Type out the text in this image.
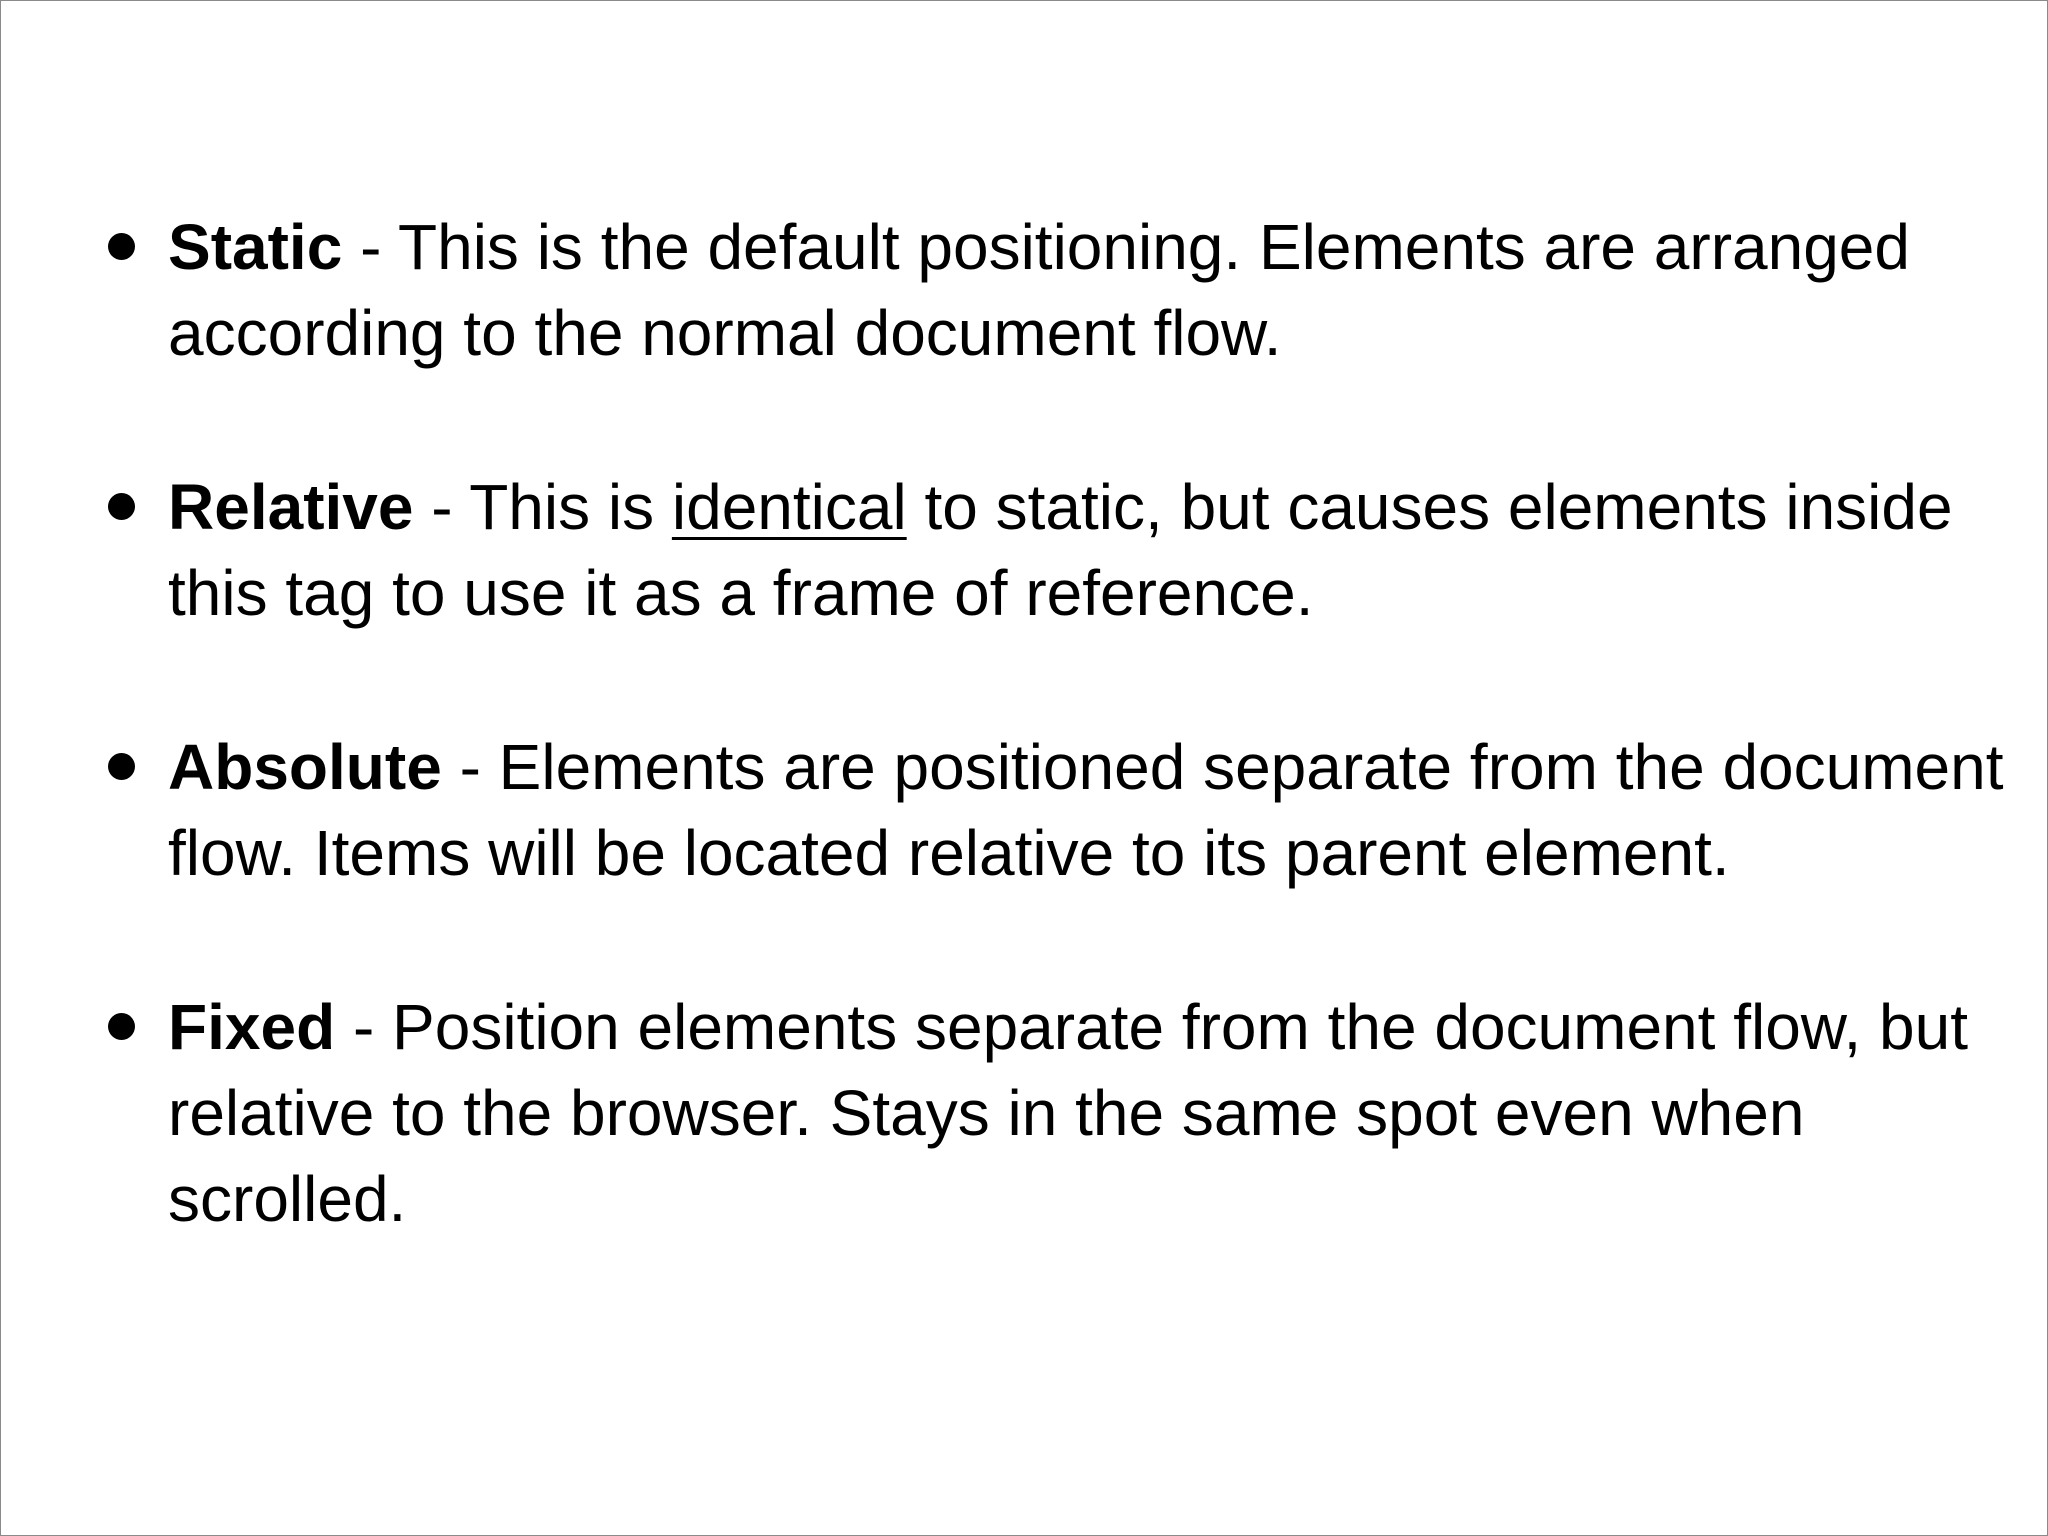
Static - This is the default positioning. Elements are arranged according to the normal document flow.
Relative - This is identical to static, but causes elements inside this tag to use it as a frame of reference.
Absolute - Elements are positioned separate from the document flow. Items will be located relative to its parent element.
Fixed - Position elements separate from the document flow, but relative to the browser. Stays in the same spot even when scrolled.
